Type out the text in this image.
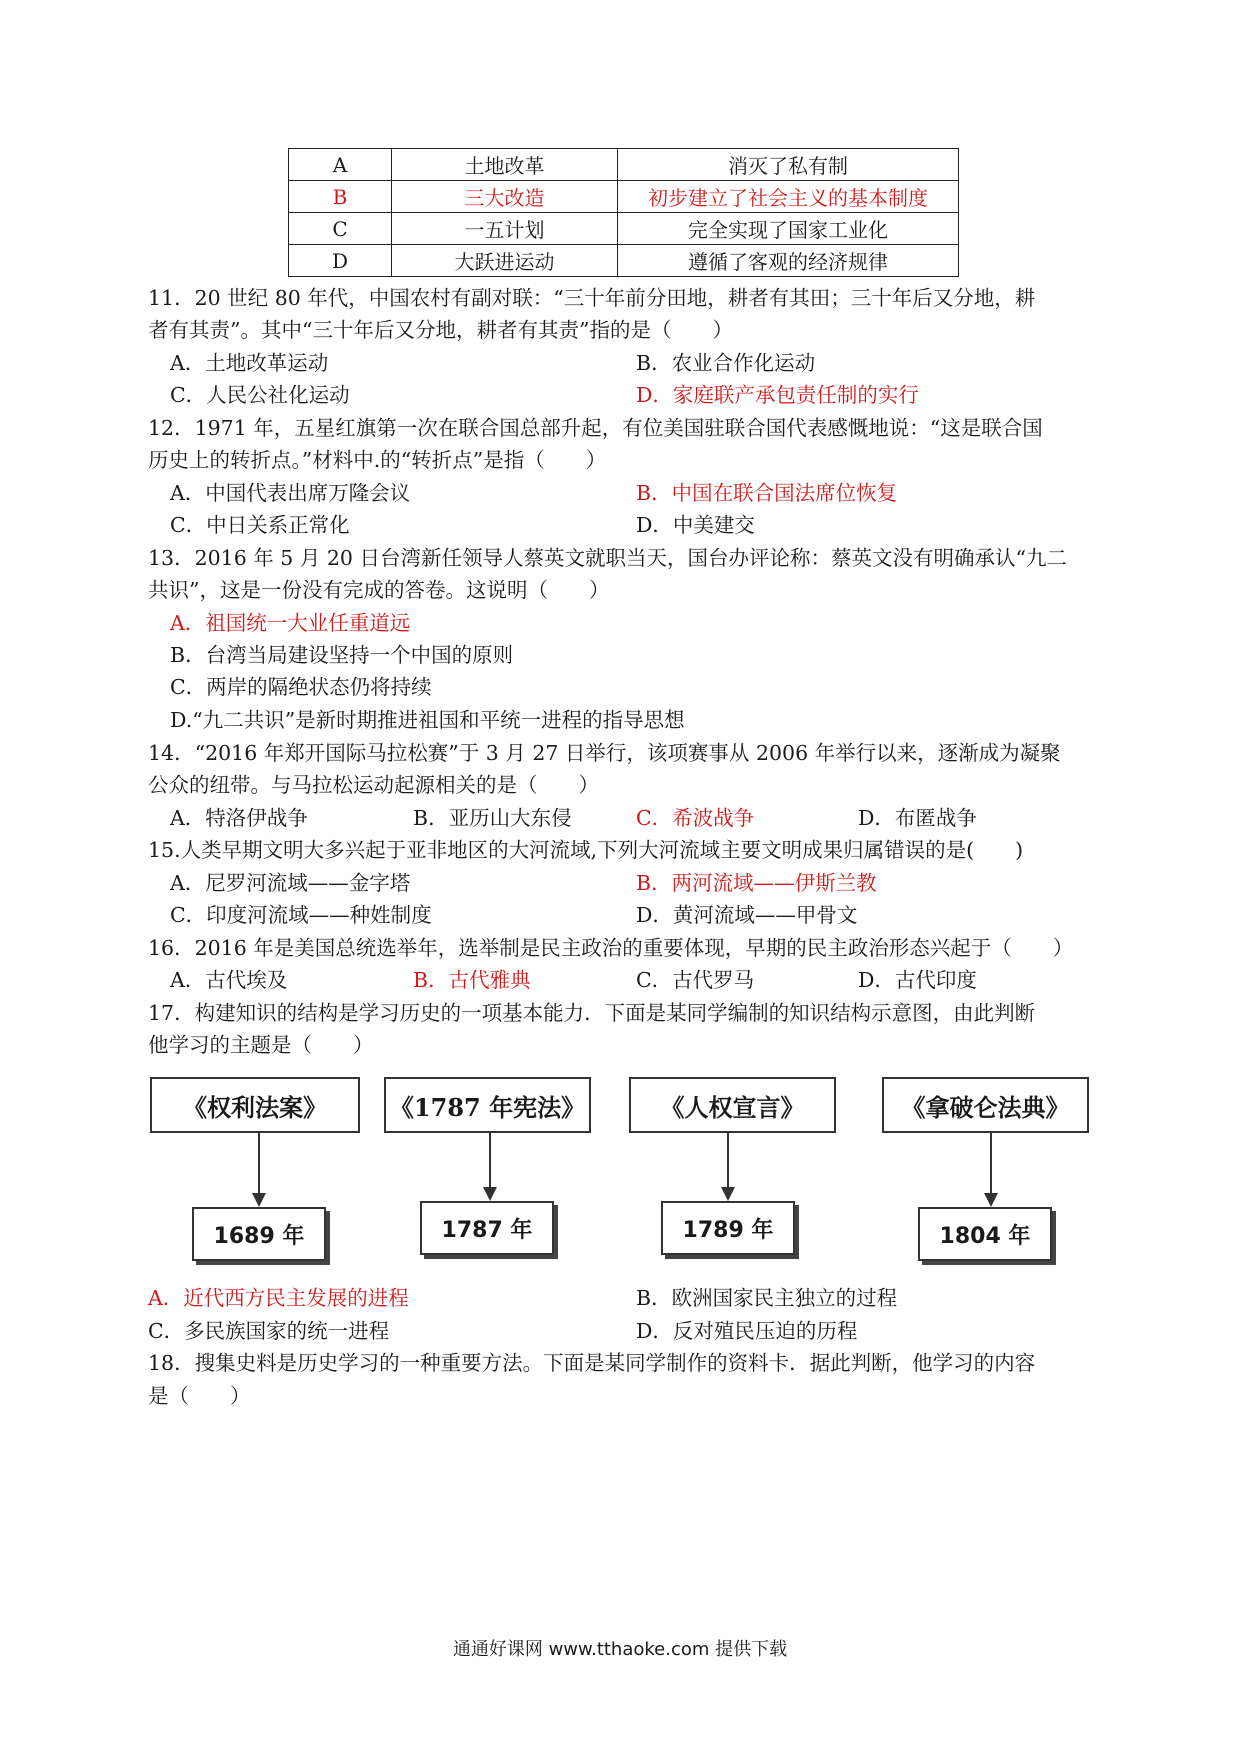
A	土地改革	消灭了私有制
B	三大改造	初步建立了社会主义的基本制度
C	一五计划	完全实现了国家工业化
D	大跃进运动	遵循了客观的经济规律
11．20 世纪 80 年代，中国农村有副对联：“三十年前分田地，耕者有其田；三十年后又分地，耕
者有其责”。其中“三十年后又分地，耕者有其责”指的是（　　）
A．土地改革运动	B．农业合作化运动
C．人民公社化运动	D．家庭联产承包责任制的实行
12．1971 年，五星红旗第一次在联合国总部升起，有位美国驻联合国代表感慨地说：“这是联合国
历史上的转折点。”材料中.的“转折点”是指（　　）
A．中国代表出席万隆会议	B．中国在联合国法席位恢复
C．中日关系正常化	D．中美建交
13．2016 年 5 月 20 日台湾新任领导人蔡英文就职当天，国台办评论称：蔡英文没有明确承认“九二
共识”，这是一份没有完成的答卷。这说明（　　）
A．祖国统一大业任重道远
B．台湾当局建设坚持一个中国的原则
C．两岸的隔绝状态仍将持续
D.“九二共识”是新时期推进祖国和平统一进程的指导思想
14．“2016 年郑开国际马拉松赛”于 3 月 27 日举行，该项赛事从 2006 年举行以来，逐渐成为凝聚
公众的纽带。与马拉松运动起源相关的是（　　）
A．特洛伊战争	B．亚历山大东侵	C．希波战争	D．布匿战争
15.人类早期文明大多兴起于亚非地区的大河流域,下列大河流域主要文明成果归属错误的是(　　)
A．尼罗河流域——金字塔	B．两河流域——伊斯兰教
C．印度河流域——种姓制度	D．黄河流域——甲骨文
16．2016 年是美国总统选举年，选举制是民主政治的重要体现，早期的民主政治形态兴起于（　　）
A．古代埃及	B．古代雅典	C．古代罗马	D．古代印度
17．构建知识的结构是学习历史的一项基本能力．下面是某同学编制的知识结构示意图，由此判断
他学习的主题是（　　）
《权利法案》	《1787 年宪法》	《人权宣言》	《拿破仑法典》
1689 年	1787 年	1789 年	1804 年
A．近代西方民主发展的进程	B．欧洲国家民主独立的过程
C．多民族国家的统一进程	D．反对殖民压迫的历程
18．搜集史料是历史学习的一种重要方法。下面是某同学制作的资料卡．据此判断，他学习的内容
是（　　）
通通好课网 www.tthaoke.com 提供下载
